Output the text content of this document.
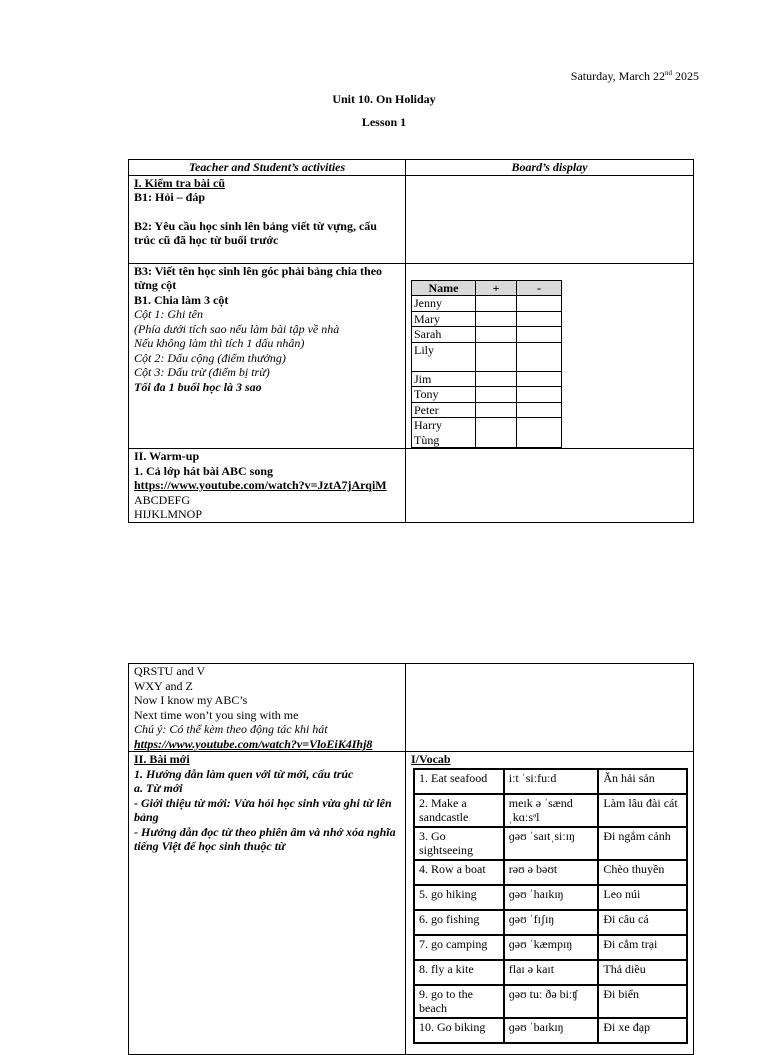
Saturday, March 22nd 2025
Unit 10. On Holiday
Lesson 1
Teacher and Student’s activities	Board’s display

I. Kiểm tra bài cũ
B1: Hỏi – đáp
B2: Yêu cầu học sinh lên bảng viết từ vựng, cấu trúc cũ đã học từ buổi trước

B3: Viết tên học sinh lên góc phải bảng chia theo từng cột
B1. Chia làm 3 cột
Cột 1: Ghi tên
(Phía dưới tích sao nếu làm bài tập về nhà
Nếu không làm thì tích 1 dấu nhân)
Cột 2: Dấu cộng (điểm thưởng)
Cột 3: Dấu trừ (điểm bị trừ)
Tối đa 1 buổi học là 3 sao

Name	+	-
Jenny		
Mary		
Sarah		
Lily		
Jim		
Tony		
Peter		
Harry
Tùng		

II. Warm-up
1. Cả lớp hát bài ABC song
https://www.youtube.com/watch?v=JztA7jArqiM
ABCDEFG
HIJKLMNOP

QRSTU and V
WXY and Z
Now I know my ABC’s
Next time won’t you sing with me
Chú ý: Có thể kèm theo động tác khi hát
https://www.youtube.com/watch?v=VloEiK4Ihj8

II. Bài mới
1. Hướng dẫn làm quen với từ mới, cấu trúc
a. Từ mới
- Giới thiệu từ mới: Vừa hỏi học sinh vừa ghi từ lên bảng
- Hướng dẫn đọc từ theo phiên âm và nhớ xóa nghĩa tiếng Việt để học sinh thuộc từ

I/Vocab
1. Eat seafood	iːt ˈsiːfuːd	Ăn hải sản
2. Make a sandcastle	meɪk ə ˈsænd ˌkɑːsᵊl	Làm lâu đài cát
3. Go sightseeing	ɡəʊ ˈsaɪtˌsiːɪŋ	Đi ngắm cảnh
4. Row a boat	rəʊ ə bəʊt	Chèo thuyền
5. go hiking	ɡəʊ ˈhaɪkɪŋ	Leo núi
6. go fishing	ɡəʊ ˈfɪʃɪŋ	Đi câu cá
7. go camping	ɡəʊ ˈkæmpɪŋ	Đi cắm trại
8. fly a kite	flaɪ ə kaɪt	Thả diều
9. go to the beach	ɡəʊ tuː ðə biːʧ	Đi biển
10. Go biking	ɡəʊ ˈbaɪkɪŋ	Đi xe đạp
